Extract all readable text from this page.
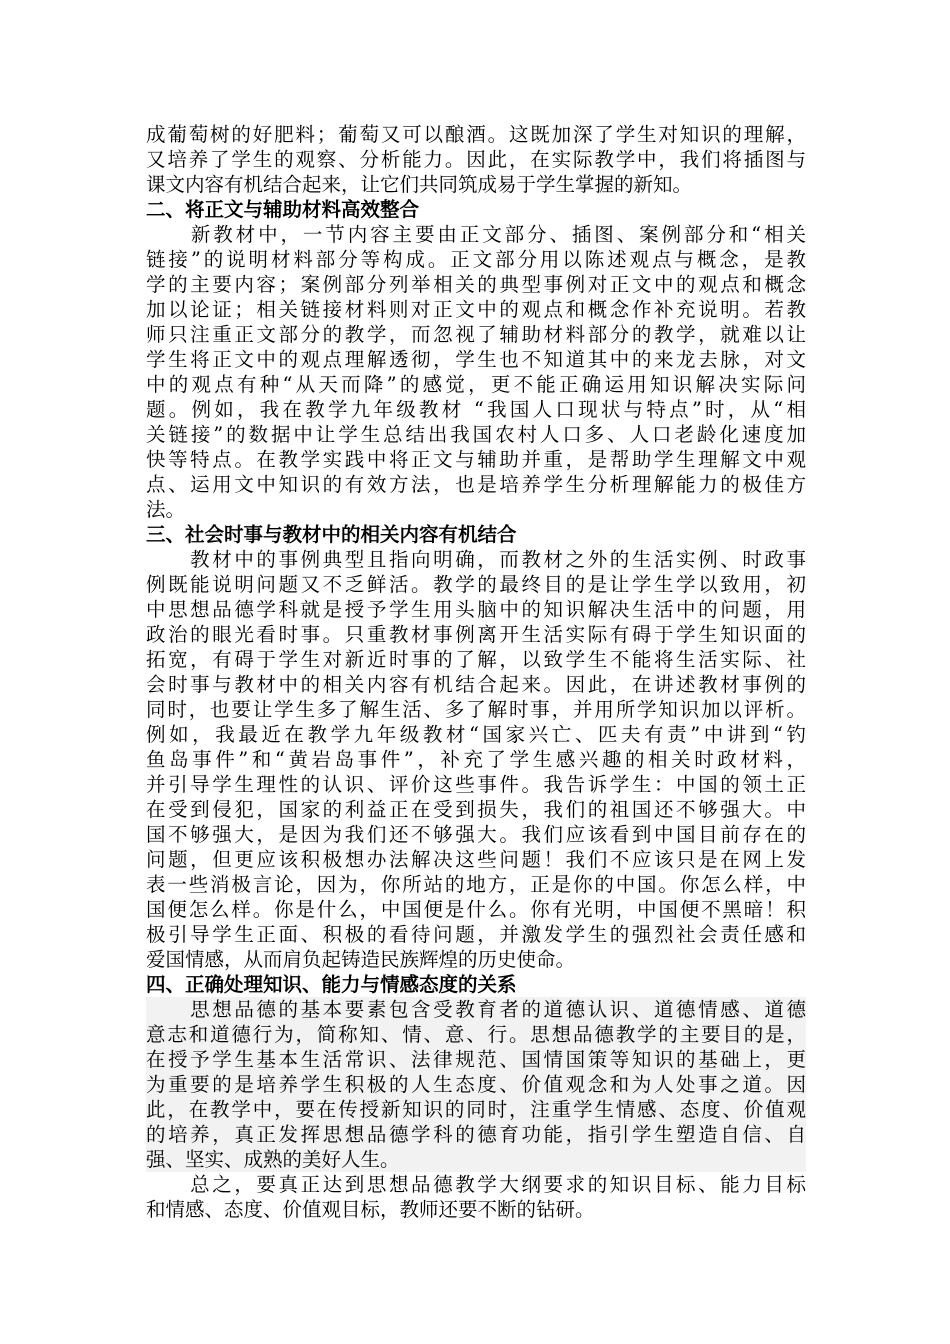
成葡萄树的好肥料；葡萄又可以酿酒。这既加深了学生对知识的理解，
又培养了学生的观察、分析能力。因此，在实际教学中，我们将插图与
课文内容有机结合起来，让它们共同筑成易于学生掌握的新知。
二、将正文与辅助材料高效整合
　　新教材中，一节内容主要由正文部分、插图、案例部分和“相关
链接”的说明材料部分等构成。正文部分用以陈述观点与概念，是教
学的主要内容；案例部分列举相关的典型事例对正文中的观点和概念
加以论证；相关链接材料则对正文中的观点和概念作补充说明。若教
师只注重正文部分的教学，而忽视了辅助材料部分的教学，就难以让
学生将正文中的观点理解透彻，学生也不知道其中的来龙去脉，对文
中的观点有种“从天而降”的感觉，更不能正确运用知识解决实际问
题。例如，我在教学九年级教材 “我国人口现状与特点”时，从“相
关链接”的数据中让学生总结出我国农村人口多、人口老龄化速度加
快等特点。在教学实践中将正文与辅助并重，是帮助学生理解文中观
点、运用文中知识的有效方法，也是培养学生分析理解能力的极佳方
法。
三、社会时事与教材中的相关内容有机结合
　　教材中的事例典型且指向明确，而教材之外的生活实例、时政事
例既能说明问题又不乏鲜活。教学的最终目的是让学生学以致用，初
中思想品德学科就是授予学生用头脑中的知识解决生活中的问题，用
政治的眼光看时事。只重教材事例离开生活实际有碍于学生知识面的
拓宽，有碍于学生对新近时事的了解，以致学生不能将生活实际、社
会时事与教材中的相关内容有机结合起来。因此，在讲述教材事例的
同时，也要让学生多了解生活、多了解时事，并用所学知识加以评析。
例如，我最近在教学九年级教材“国家兴亡、匹夫有责”中讲到“钓
鱼岛事件”和“黄岩岛事件”，补充了学生感兴趣的相关时政材料，
并引导学生理性的认识、评价这些事件。我告诉学生：中国的领土正
在受到侵犯，国家的利益正在受到损失，我们的祖国还不够强大。中
国不够强大，是因为我们还不够强大。我们应该看到中国目前存在的
问题，但更应该积极想办法解决这些问题！我们不应该只是在网上发
表一些消极言论，因为，你所站的地方，正是你的中国。你怎么样，中
国便怎么样。你是什么，中国便是什么。你有光明，中国便不黑暗！积
极引导学生正面、积极的看待问题，并激发学生的强烈社会责任感和
爱国情感，从而肩负起铸造民族辉煌的历史使命。
四、正确处理知识、能力与情感态度的关系
　　思想品德的基本要素包含受教育者的道德认识、道德情感、道德
意志和道德行为，简称知、情、意、行。思想品德教学的主要目的是，
在授予学生基本生活常识、法律规范、国情国策等知识的基础上，更
为重要的是培养学生积极的人生态度、价值观念和为人处事之道。因
此，在教学中，要在传授新知识的同时，注重学生情感、态度、价值观
的培养，真正发挥思想品德学科的德育功能，指引学生塑造自信、自
强、坚实、成熟的美好人生。
　　总之，要真正达到思想品德教学大纲要求的知识目标、能力目标
和情感、态度、价值观目标，教师还要不断的钻研。
